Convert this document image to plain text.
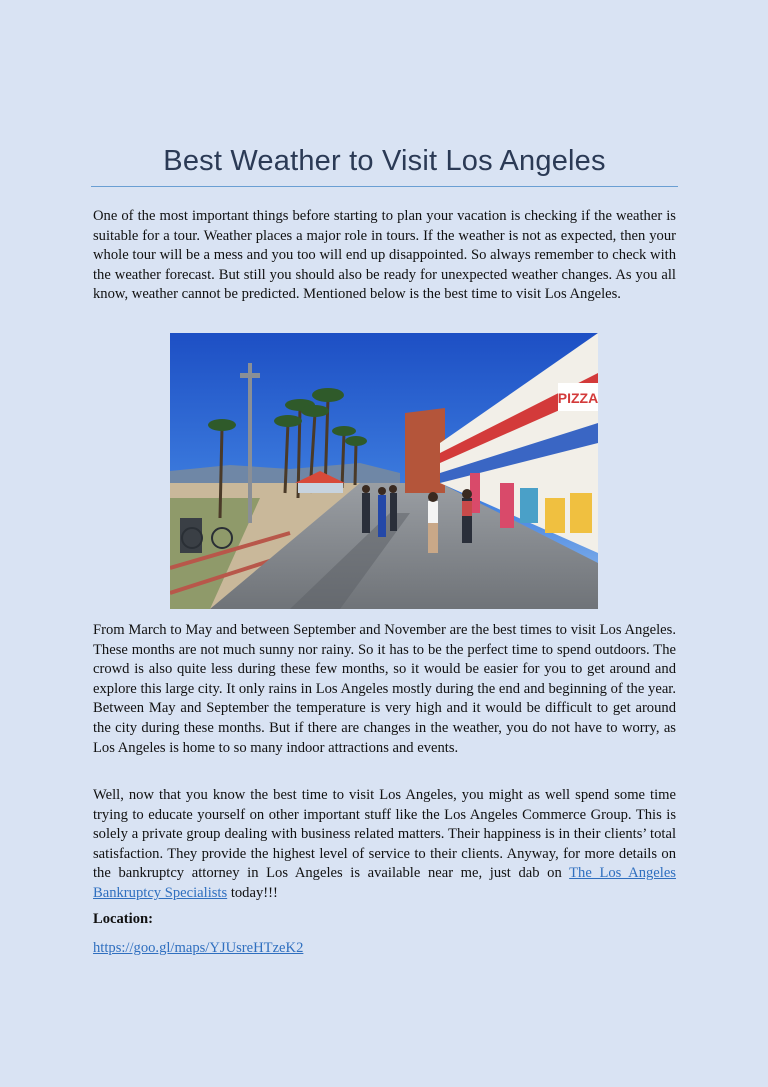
Best Weather to Visit Los Angeles

One of the most important things before starting to plan your vacation is checking if the weather is suitable for a tour. Weather places a major role in tours. If the weather is not as expected, then your whole tour will be a mess and you too will end up disappointed. So always remember to check with the weather forecast. But still you should also be ready for unexpected weather changes. As you all know, weather cannot be predicted. Mentioned below is the best time to visit Los Angeles.

PIZZA

From March to May and between September and November are the best times to visit Los Angeles. These months are not much sunny nor rainy. So it has to be the perfect time to spend outdoors. The crowd is also quite less during these few months, so it would be easier for you to get around and explore this large city. It only rains in Los Angeles mostly during the end and beginning of the year. Between May and September the temperature is very high and it would be difficult to get around the city during these months. But if there are changes in the weather, you do not have to worry, as Los Angeles is home to so many indoor attractions and events.

Well, now that you know the best time to visit Los Angeles, you might as well spend some time trying to educate yourself on other important stuff like the Los Angeles Commerce Group. This is solely a private group dealing with business related matters. Their happiness is in their clients’ total satisfaction. They provide the highest level of service to their clients. Anyway, for more details on the bankruptcy attorney in Los Angeles is available near me, just dab on The Los Angeles Bankruptcy Specialists today!!!

Location:

https://goo.gl/maps/YJUsreHTzeK2
